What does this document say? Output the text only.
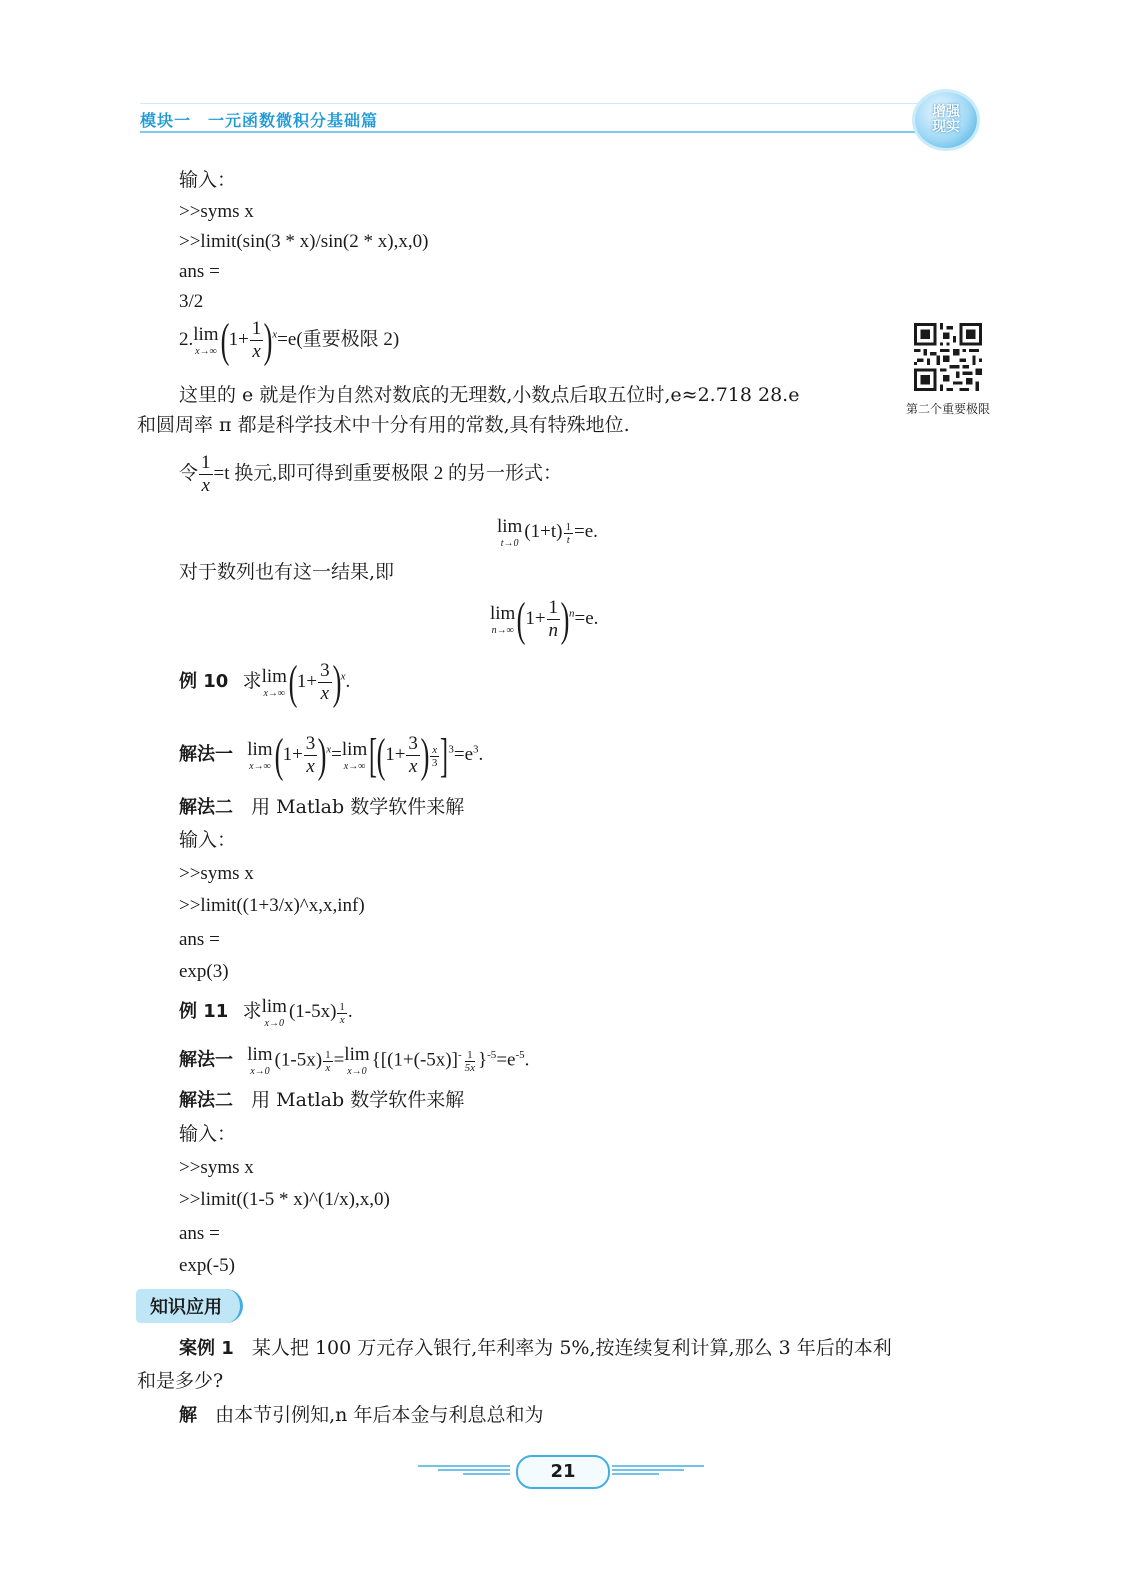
模块一　一元函数微积分基础篇	增强现实
输入：
>>syms x
>>limit(sin(3 * x)/sin(2 * x),x,0)
ans =
3/2
2. lim
x→∞ $(1+ \frac{1}{x} )^x=e$(重要极限 2)
这里的 e 就是作为自然对数底的无理数,小数点后取五位时,e≈2.718 28.e
和圆周率 π 都是科学技术中十分有用的常数,具有特殊地位.
第二个重要极限
令 $\frac{1}{x} =t$ 换元,即可得到重要极限 2 的另一形式：
lim
t→0
$(1+t) \frac{1}{t} =e$.
对于数列也有这一结果,即
lim
n→∞ $(1+ \frac{1}{n} )^n=e$.
例 10 求 lim
x→∞ $(1+ \frac{3}{x} )^x$.
解法一 lim
x→∞ $(1+ \frac{3}{x} )^x= \lim$
x→∞ [($1+ \frac{3}{x}$ ) $\frac{x}{3} ]^3=e^3$.
解法二 用 Matlab 数学软件来解
输入：
>>syms x
>>limit((1+3/x)^x,x,inf)
ans =
exp(3)
例 11 求 lim
x→0
$(1-5x) \frac{1}{x}$ .
解法一 lim
x→0
$(1-5x) \frac{1}{x} = \lim$
x→0
{$[(1+(-5x)]^- \frac{1}{5x} \}^{-5}=e^{-5}$.
解法二 用 Matlab 数学软件来解
输入：
>>syms x
>>limit((1-5 * x)^(1/x),x,0)
ans =
exp(-5)
知识应用
案例 1 某人把 100 万元存入银行,年利率为 5%,按连续复利计算,那么 3 年后的本利
和是多少?
解 由本节引例知,n 年后本金与利息总和为
21
